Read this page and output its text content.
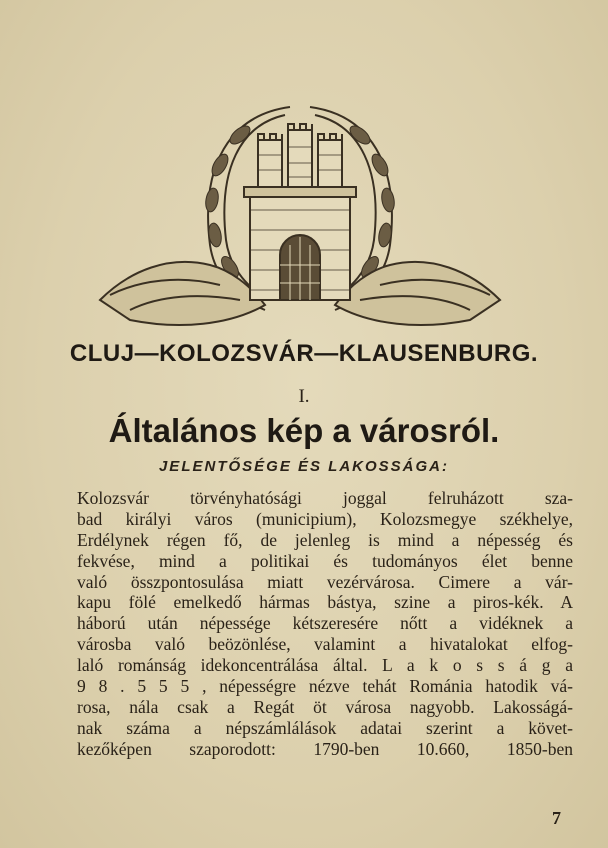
CLUJ—KOLOZSVÁR—KLAUSENBURG.
I.
Általános kép a városról.
JELENTŐSÉGE ÉS LAKOSSÁGA:
Kolozsvár törvényhatósági joggal felruházott sza-
bad királyi város (municipium), Kolozsmegye székhelye,
Erdélynek régen fő, de jelenleg is mind a népesség és
fekvése, mind a politikai és tudományos élet benne
való összpontosulása miatt vezérvárosa. Cimere a vár-
kapu fölé emelkedő hármas bástya, szine a piros-kék. A
háború után népessége kétszeresére nőtt a vidéknek a
városba való beözönlése, valamint a hivatalokat elfog-
laló románság idekoncentrálása által. L a k o s s á g a
9 8 . 5 5 5 , népességre nézve tehát Románia hatodik vá-
rosa, nála csak a Regát öt városa nagyobb. Lakosságá-
nak száma a népszámlálások adatai szerint a követ-
kezőképen szaporodott: 1790-ben 10.660, 1850-ben
7
